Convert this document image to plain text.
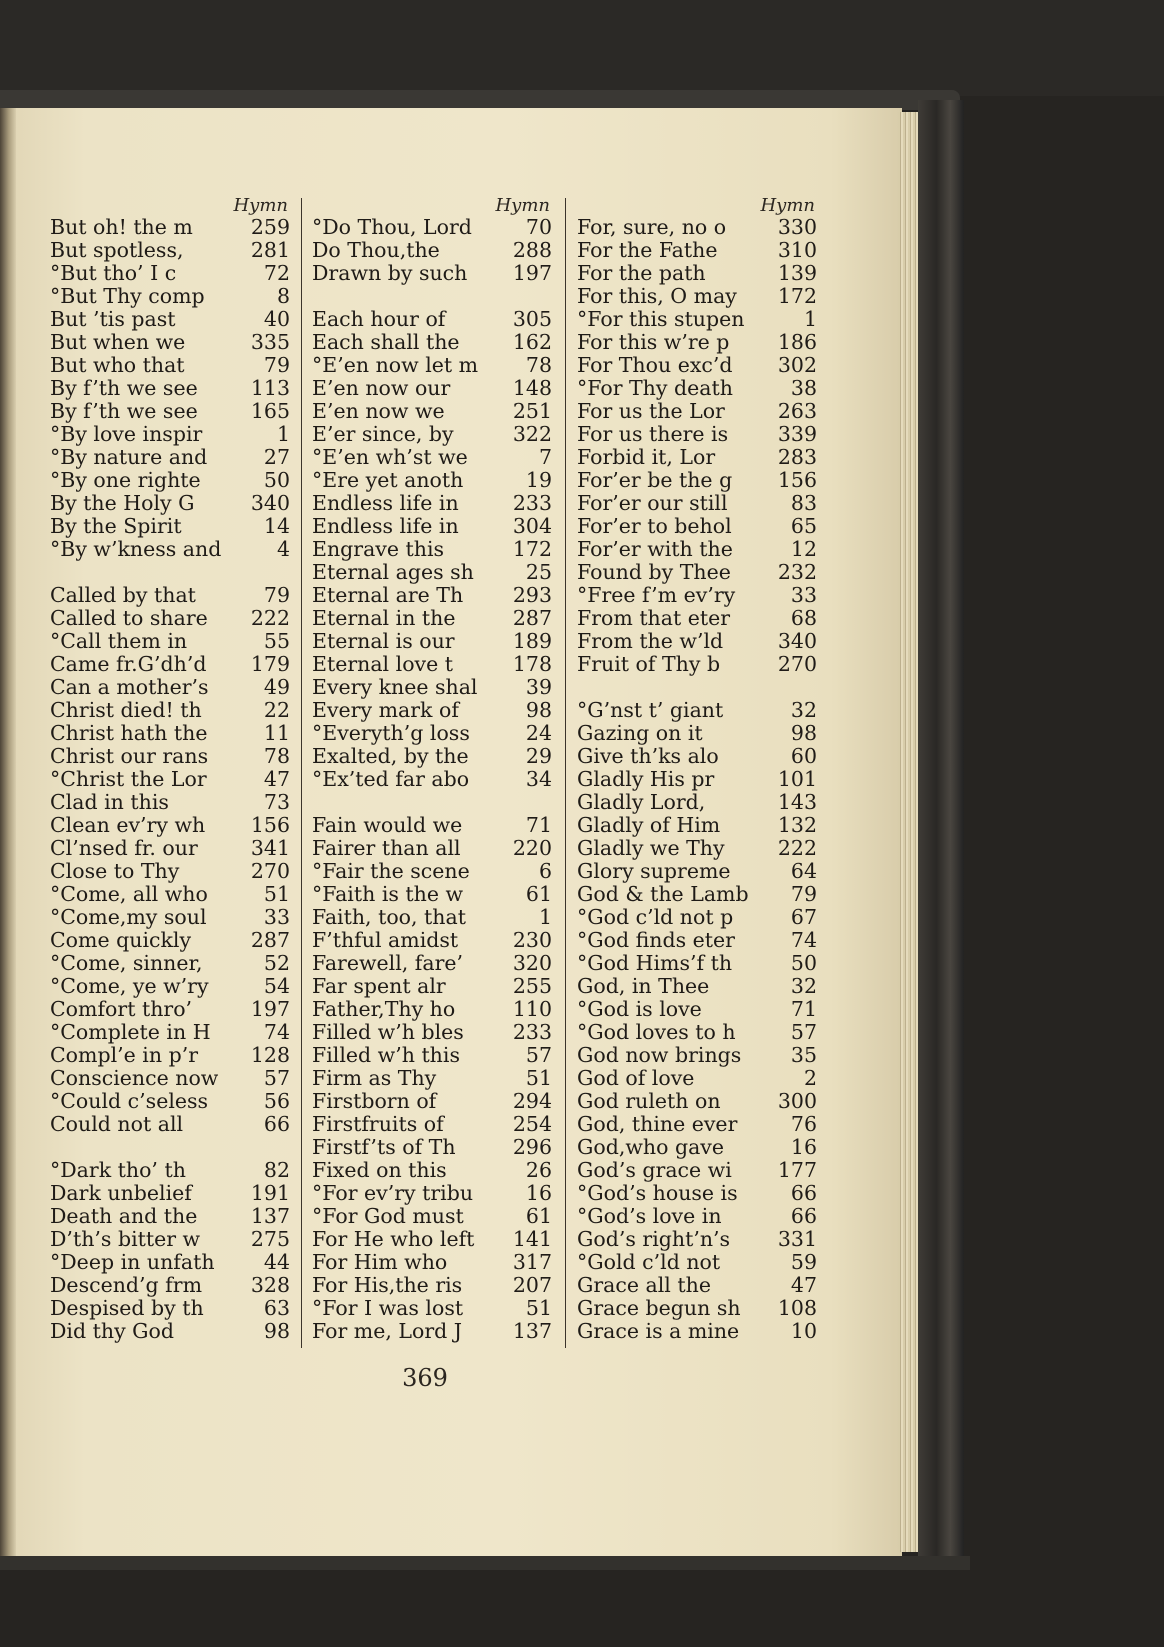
Hymn
But oh! the m	259
But spotless,	281
°But tho’ I c	72
°But Thy comp	8
But ’tis past	40
But when we	335
But who that	79
By f’th we see	113
By f’th we see	165
°By love inspir	1
°By nature and	27
°By one righte	50
By the Holy G	340
By the Spirit	14
°By w’kness and	4
Called by that	79
Called to share 222
°Call them in	55
Came fr.G’dh’d 179
Can a mother’s	49
Christ died! th	22
Christ hath the	11
Christ our rans	78
°Christ the Lor	47
Clad in this	73
Clean ev’ry wh 156
Cl’nsed fr. our	341
Close to Thy	270
°Come, all who	51
°Come,my soul	33
Come quickly	287
°Come, sinner,	52
°Come, ye w’ry	54
Comfort thro’	197
°Complete in H	74
Compl’e in p’r	128
Conscience now 57
°Could c’seless	56
Could not all	66
°Dark tho’ th	82
Dark unbelief	191
Death and the	137
D’th’s bitter w 275
°Deep in unfath 44
Descend’g frm 328
Despised by th	63
Did thy God	98
Hymn
°Do Thou, Lord	70
Do Thou,the	288
Drawn by such 197
Each hour of	305
Each shall the	162
°E’en now let m 78
E’en now our	148
E’en now we	251
E’er since, by	322
°E’en wh’st we	7
°Ere yet anoth	19
Endless life in	233
Endless life in	304
Engrave this	172
Eternal ages sh	25
Eternal are Th 293
Eternal in the	287
Eternal is our	189
Eternal love t	178
Every knee shal 39
Every mark of	98
°Everyth’g loss	24
Exalted, by the	29
°Ex’ted far abo	34
Fain would we	71
Fairer than all	220
°Fair the scene	6
°Faith is the w	61
Faith, too, that	1
F’thful amidst	230
Farewell, fare’ 320
Far spent alr	255
Father,Thy ho	110
Filled w’h bles 233
Filled w’h this	57
Firm as Thy	51
Firstborn of	294
Firstfruits of	254
Firstf’ts of Th	296
Fixed on this	26
°For ev’ry tribu	16
°For God must	61
For He who left 141
For Him who	317
For His,the ris 207
°For I was lost	51
For me, Lord J 137
Hymn
For, sure, no o	330
For the Fathe	310
For the path	139
For this, O may 172
°For this stupen	1
For this w’re p 186
For Thou exc’d 302
°For Thy death	38
For us the Lor	263
For us there is 339
Forbid it, Lor	283
For’er be the g 156
For’er our still	83
For’er to behol	65
For’er with the	12
Found by Thee 232
°Free f’m ev’ry	33
From that eter	68
From the w’ld	340
Fruit of Thy b	270
°G’nst t’ giant	32
Gazing on it	98
Give th’ks alo	60
Gladly His pr	101
Gladly Lord,	143
Gladly of Him	132
Gladly we Thy	222
Glory supreme	64
God & the Lamb 79
°God c’ld not p	67
°God finds eter	74
°God Hims’f th	50
God, in Thee	32
°God is love	71
°God loves to h	57
God now brings 35
God of love	2
God ruleth on	300
God, thine ever	76
God,who gave	16
God’s grace wi 177
°God’s house is	66
°God’s love in	66
God’s right’n’s 331
°Gold c’ld not	59
Grace all the	47
Grace begun sh 108
Grace is a mine	10
369
